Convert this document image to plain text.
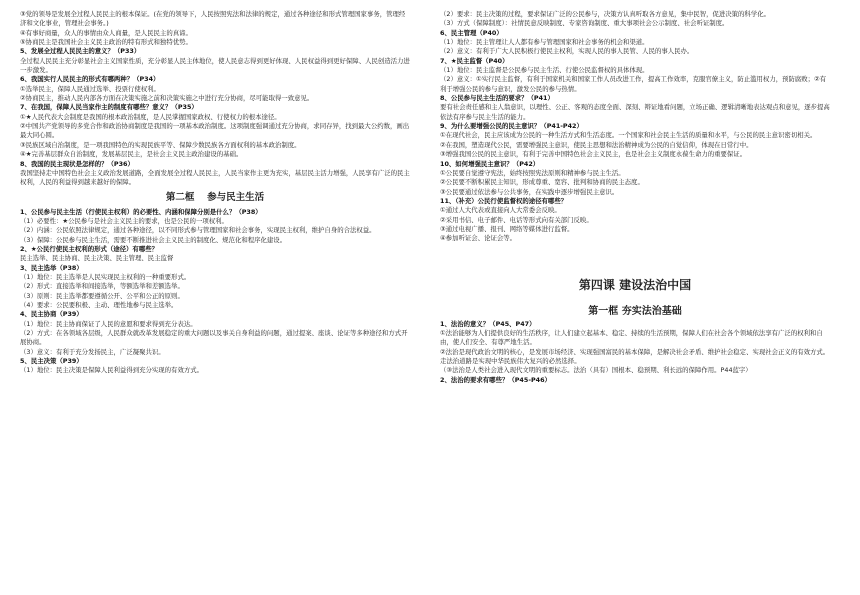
③党的领导是发展全过程人民民主的根本保证。(在党的领导下，人民按照宪法和法律的规定，通过各种途径和形式管理国家事务，管理经济和文化事业，管理社会事务。)

④有事好商量，众人的事情由众人商量，是人民民主的真谛。

⑤协商民主是我国社会主义民主政治的特有形式和独特优势。

5、发展全过程人民民主的意义？（P33）

全过程人民民主充分彰显社会主义国家性质，充分彰显人民主体地位，使人民意志得到更好体现、人民权益得到更好保障、人民创造活力进一步激发。

6、我国实行人民民主的形式有哪两种？（P34）

①选举民主，保障人民通过选举、投票行使权利。

②协商民主，推动人民内部各方面在决策实施之前和决策实施之中进行充分协商，尽可能取得一致意见。

7、在我国，保障人民当家作主的制度有哪些？意义？（P35）

①★人民代表大会制度是我国的根本政治制度，是人民掌握国家政权、行使权力的根本途径。

②中国共产党领导的多党合作和政治协商制度是我国的一项基本政治制度。这项制度强调通过充分协商，求同存异，找到最大公约数，画出最大同心圆。

③民族区域自治制度，是一项我国特色的实现民族平等、保障少数民族各方面权利的基本政治制度。

④★完善基层群众自治制度，发展基层民主，是社会主义民主政治建设的基础。

8、我国的民主现状是怎样的？（P36）

我国坚持走中国特色社会主义政治发展道路，全面发展全过程人民民主，人民当家作主更为充实，基层民主活力增强，人民享有广泛的民主权利，人民的利益得到越来越好的保障。

第二框　 参与民主生活

1、公民参与民主生活（行使民主权利）的必要性、内涵和保障分别是什么？（P38）

（1）必要性：★公民参与是社会主义民主的要求，也是公民的一项权利。

（2）内涵：公民依照法律规定，通过各种途径，以不同形式参与管理国家和社会事务，实现民主权利，维护自身的合法权益。

（3）保障：公民参与民主生活，需要不断推进社会主义民主的制度化、规范化和程序化建设。

2、★公民行使民主权利的形式（途径）有哪些？

民主选举、民主协商、民主决策、民主管理、民主监督

3、民主选举（P38）

（1）地位：民主选举是人民实现民主权利的一种重要形式。

（2）形式：直接选举和间接选举，等额选举和差额选举。

（3）原则：民主选举都要遵循公开、公平和公正的原则。

（4）要求：公民要积极、主动、理性地参与民主选举。

4、民主协商（P39）

（1）地位：民主协商保证了人民的意愿和要求得到充分表达。

（2）方式：在各领域各层级，人民群众就改革发展稳定的重大问题以及事关自身利益的问题，通过提案、座谈、论证等多种途径和方式开展协商。

（3）意义：有利于充分发扬民主，广泛凝聚共识。

5、民主决策（P39）

（1）地位：民主决策是保障人民利益得到充分实现的有效方式。

（2）要求：民主决策的过程，要求保证广泛的公民参与，决策方认真听取各方意见，集中民智，促进决策的科学化。

（3）方式（保障制度）：社情民意反映制度、专家咨询制度、重大事项社会公示制度、社会听证制度。

6、民主管理（P40）

（1）地位：民主管理让人人都有参与管理国家和社会事务的机会和渠道。

（2）意义：有利于广大人民积极行使民主权利，实现人民的事人民管、人民的事人民办。

7、★民主监督（P40）

（1）地位：民主监督是公民参与民主生活、行使公民监督权的具体体现。

（2）意义：①实行民主监督，有利于国家机关和国家工作人员改进工作，提高工作效率，克服官僚主义，防止滥用权力，预防腐败；②有利于增强公民的参与意识，激发公民的参与热情。

8、公民参与民主生活的要求？（P41）

要有社会责任感和主人翁意识，以理性、公正、客观的态度全面、深刻、辩证地看问题，立场正确、逻辑清晰地表达观点和意见，逐步提高依法有序参与民主生活的能力。

9、为什么要增强公民的民主意识？（P41-P42）

①在现代社会，民主应该成为公民的一种生活方式和生活态度。一个国家和社会民主生活的质量和水平，与公民的民主意识密切相关。

②在我国，塑造现代公民，需要增强民主意识，使民主思想和法治精神成为公民的自觉信仰，体现在日常行中。

③增强我国公民的民主意识，有利于完善中国特色社会主义民主，也是社会主义制度永葆生命力的重要保证。

10、如何增强民主意识？（P42）

①公民要自觉遵守宪法，始终按照宪法原则和精神参与民主生活。

②公民要不断积累民主知识，形成尊重、宽容、批判和协商的民主态度。

③公民要通过依法参与公共事务，在实践中逐步增强民主意识。

11、（补充）公民行使监督权的途径有哪些？

①通过人大代表或直接向人大常委会反映。

②采用书信、电子邮件、电话等形式向有关部门反映。

③通过电视广播、报刊、网络等媒体进行监督。

④参加听证会、论证会等。

第四课 建设法治中国

第一框 夯实法治基础

1、法治的意义？（P45、P47）

①法治能够为人们提供良好的生活秩序，让人们建立起基本、稳定、持续的生活预期，保障人们在社会各个领域依法享有广泛的权利和自由，使人们安全、有尊严地生活。

②法治是现代政治文明的核心，是发展市场经济、实现强国富民的基本保障，是解决社会矛盾、维护社会稳定、实现社会正义的有效方式。走法治道路是实现中华民族伟大复兴的必然选择。

（③法治是人类社会进入现代文明的重要标志。法治（具有）国根本、稳预期、利长远的保障作用。P44蓝字）

2、法治的要求有哪些？（P45-P46）
